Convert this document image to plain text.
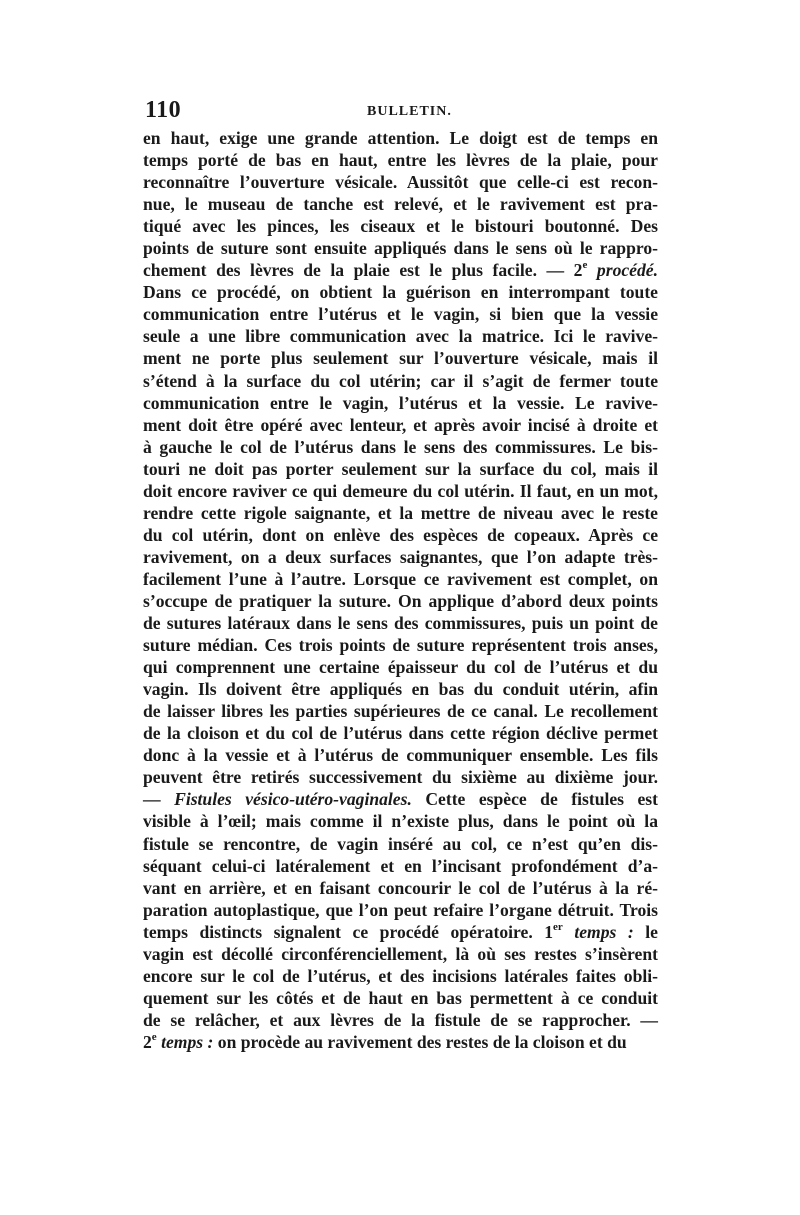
110	BULLETIN.
en haut, exige une grande attention. Le doigt est de temps en
temps porté de bas en haut, entre les lèvres de la plaie, pour
reconnaître l’ouverture vésicale. Aussitôt que celle-ci est recon-
nue, le museau de tanche est relevé, et le ravivement est pra-
tiqué avec les pinces, les ciseaux et le bistouri boutonné. Des
points de suture sont ensuite appliqués dans le sens où le rappro-
chement des lèvres de la plaie est le plus facile. — 2e procédé.
Dans ce procédé, on obtient la guérison en interrompant toute
communication entre l’utérus et le vagin, si bien que la vessie
seule a une libre communication avec la matrice. Ici le ravive-
ment ne porte plus seulement sur l’ouverture vésicale, mais il
s’étend à la surface du col utérin; car il s’agit de fermer toute
communication entre le vagin, l’utérus et la vessie. Le ravive-
ment doit être opéré avec lenteur, et après avoir incisé à droite et
à gauche le col de l’utérus dans le sens des commissures. Le bis-
touri ne doit pas porter seulement sur la surface du col, mais il
doit encore raviver ce qui demeure du col utérin. Il faut, en un mot,
rendre cette rigole saignante, et la mettre de niveau avec le reste
du col utérin, dont on enlève des espèces de copeaux. Après ce
ravivement, on a deux surfaces saignantes, que l’on adapte très-
facilement l’une à l’autre. Lorsque ce ravivement est complet, on
s’occupe de pratiquer la suture. On applique d’abord deux points
de sutures latéraux dans le sens des commissures, puis un point de
suture médian. Ces trois points de suture représentent trois anses,
qui comprennent une certaine épaisseur du col de l’utérus et du
vagin. Ils doivent être appliqués en bas du conduit utérin, afin
de laisser libres les parties supérieures de ce canal. Le recollement
de la cloison et du col de l’utérus dans cette région déclive permet
donc à la vessie et à l’utérus de communiquer ensemble. Les fils
peuvent être retirés successivement du sixième au dixième jour.
— Fistules vésico-utéro-vaginales. Cette espèce de fistules est
visible à l’œil; mais comme il n’existe plus, dans le point où la
fistule se rencontre, de vagin inséré au col, ce n’est qu’en dis-
séquant celui-ci latéralement et en l’incisant profondément d’a-
vant en arrière, et en faisant concourir le col de l’utérus à la ré-
paration autoplastique, que l’on peut refaire l’organe détruit. Trois
temps distincts signalent ce procédé opératoire. 1er temps : le
vagin est décollé circonférenciellement, là où ses restes s’insèrent
encore sur le col de l’utérus, et des incisions latérales faites obli-
quement sur les côtés et de haut en bas permettent à ce conduit
de se relâcher, et aux lèvres de la fistule de se rapprocher. —
2e temps : on procède au ravivement des restes de la cloison et du
